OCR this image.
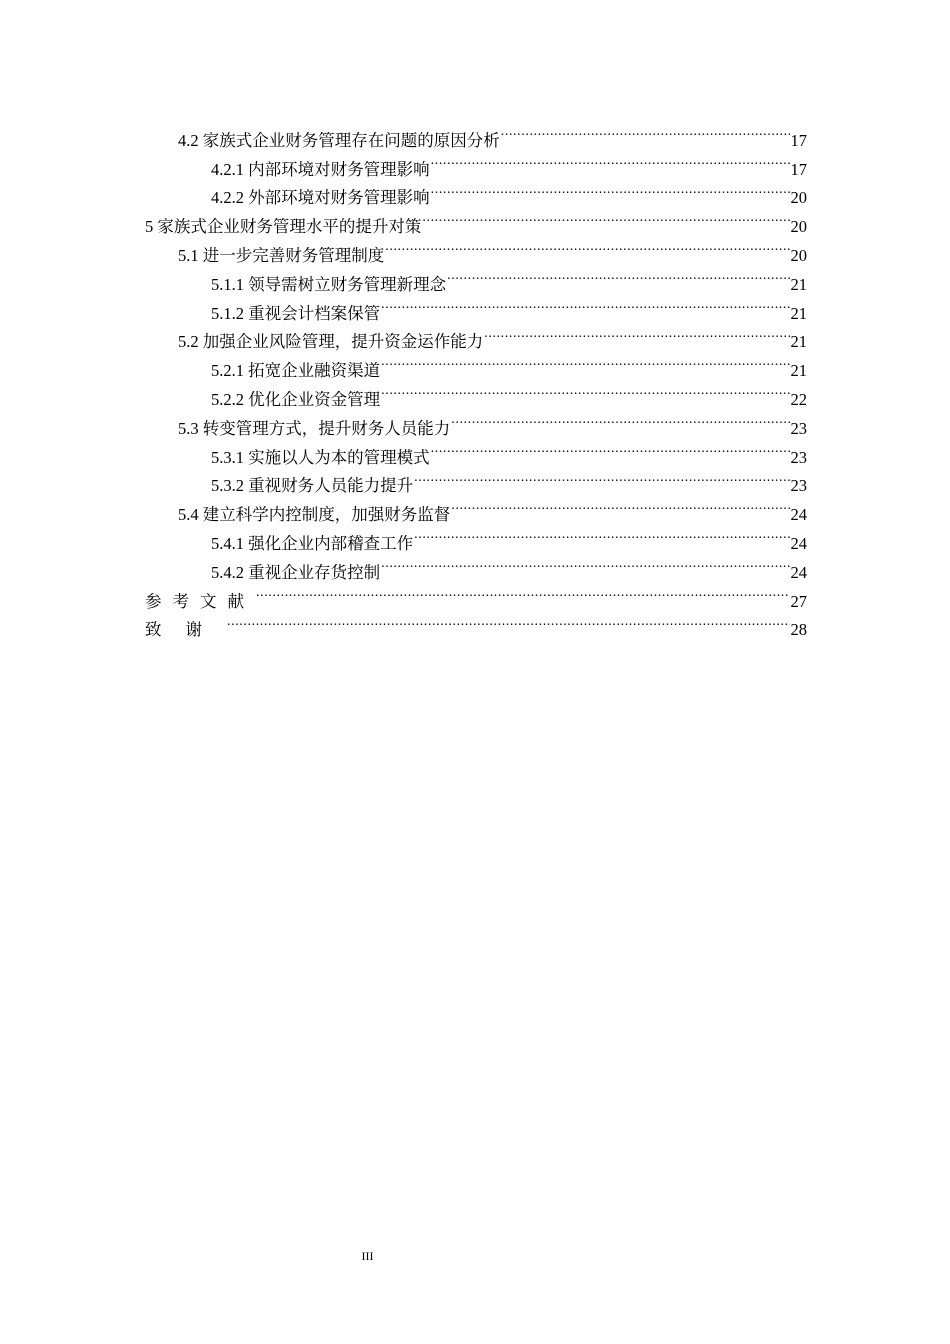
4.2 家族式企业财务管理存在问题的原因分析 .....	17
4.2.1 内部环境对财务管理影响 .....	17
4.2.2 外部环境对财务管理影响 .....	20
5 家族式企业财务管理水平的提升对策 .....	20
5.1 进一步完善财务管理制度 .....	20
5.1.1 领导需树立财务管理新理念 .....	21
5.1.2 重视会计档案保管 .....	21
5.2 加强企业风险管理，提升资金运作能力 .....	21
5.2.1 拓宽企业融资渠道 .....	21
5.2.2 优化企业资金管理 .....	22
5.3 转变管理方式，提升财务人员能力 .....	23
5.3.1 实施以人为本的管理模式 .....	23
5.3.2 重视财务人员能力提升 .....	23
5.4 建立科学内控制度，加强财务监督 .....	24
5.4.1 强化企业内部稽查工作 .....	24
5.4.2 重视企业存货控制 .....	24
参考文献 .....	27
致谢 .....	28
III
